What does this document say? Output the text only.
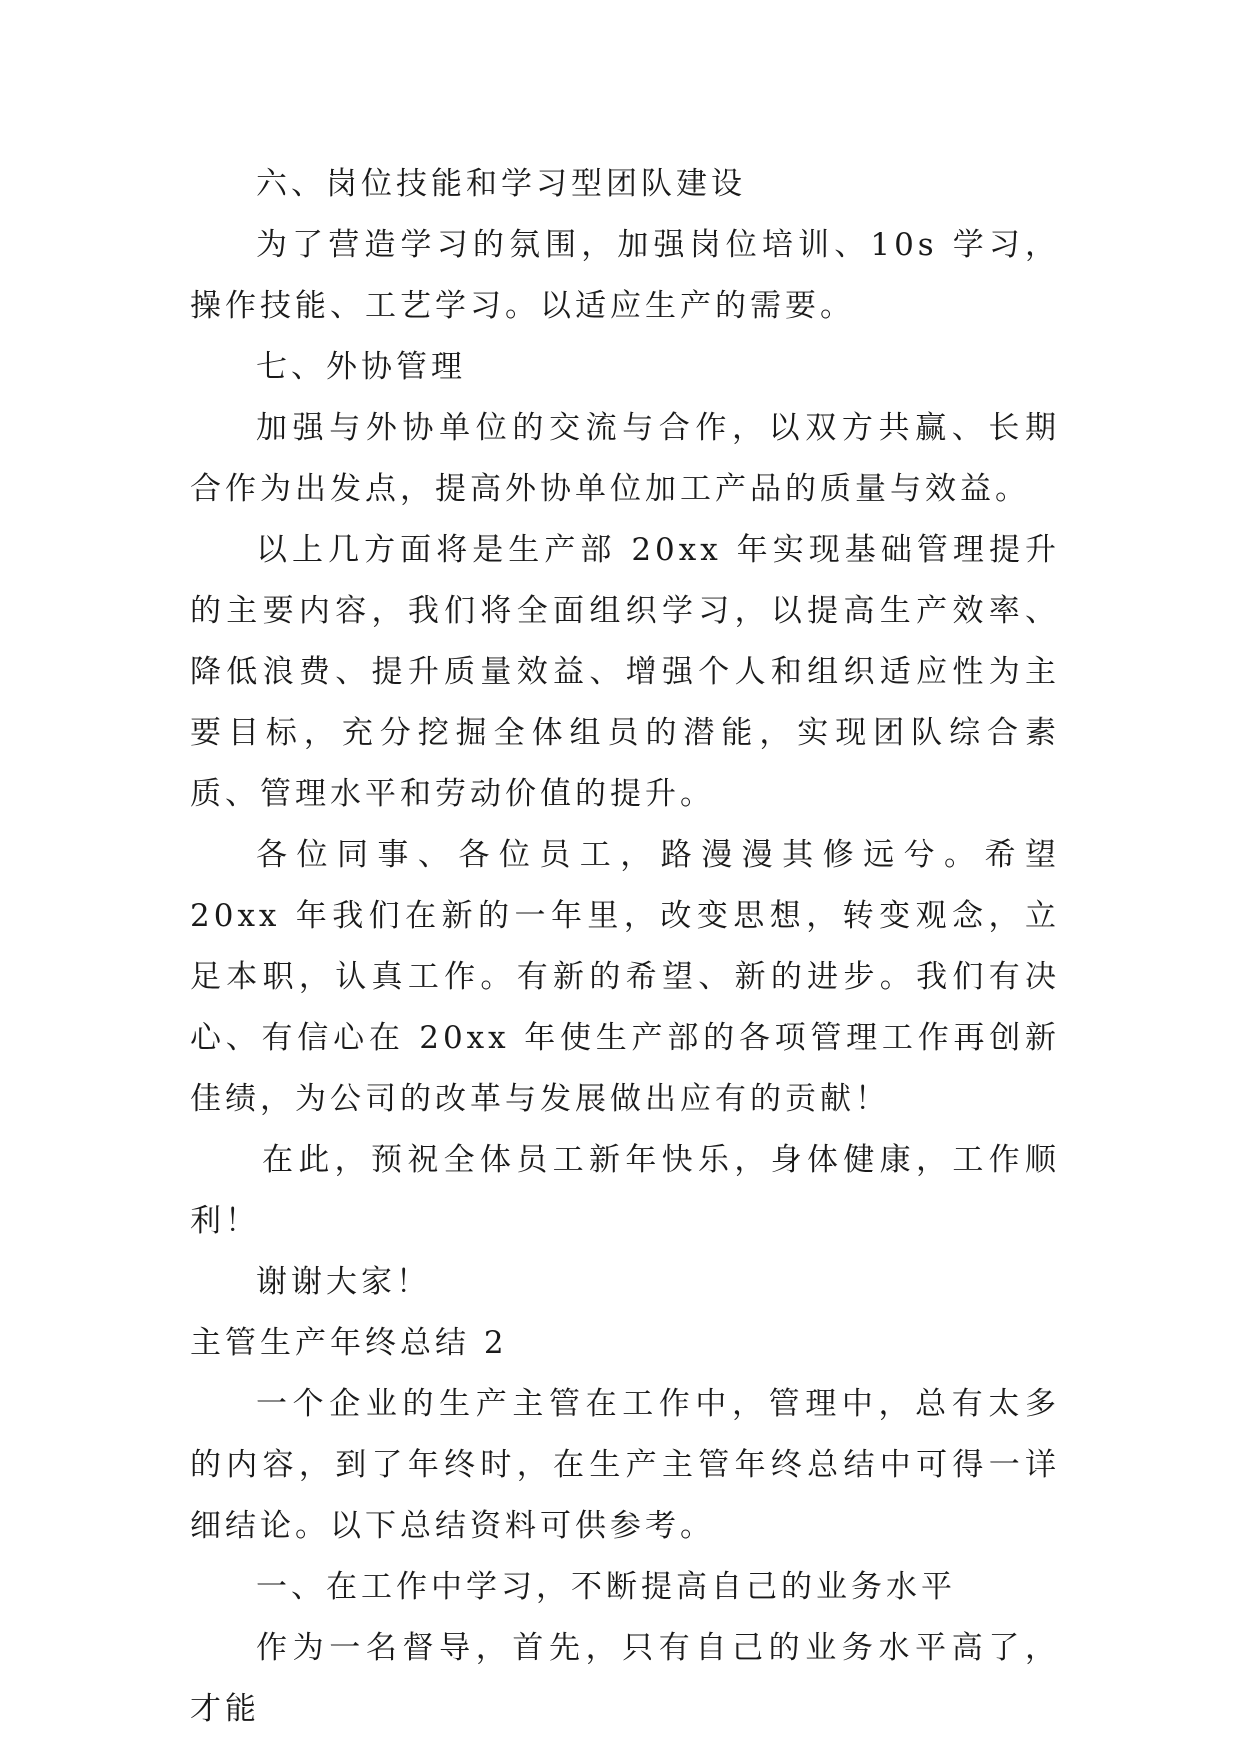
六、岗位技能和学习型团队建设

为了营造学习的氛围，加强岗位培训、10s 学习，操作技能、工艺学习。以适应生产的需要。

七、外协管理

加强与外协单位的交流与合作，以双方共赢、长期合作为出发点，提高外协单位加工产品的质量与效益。

以上几方面将是生产部 20xx 年实现基础管理提升的主要内容，我们将全面组织学习，以提高生产效率、降低浪费、提升质量效益、增强个人和组织适应性为主要目标，充分挖掘全体组员的潜能，实现团队综合素质、管理水平和劳动价值的提升。

各位同事、各位员工，路漫漫其修远兮。希望 20xx 年我们在新的一年里，改变思想，转变观念，立足本职，认真工作。有新的希望、新的进步。我们有决心、有信心在 20xx 年使生产部的各项管理工作再创新佳绩，为公司的改革与发展做出应有的贡献！

在此，预祝全体员工新年快乐，身体健康，工作顺利！

谢谢大家！

主管生产年终总结 2

一个企业的生产主管在工作中，管理中，总有太多的内容，到了年终时，在生产主管年终总结中可得一详细结论。以下总结资料可供参考。

一、在工作中学习，不断提高自己的业务水平

作为一名督导，首先，只有自己的业务水平高了，才能
